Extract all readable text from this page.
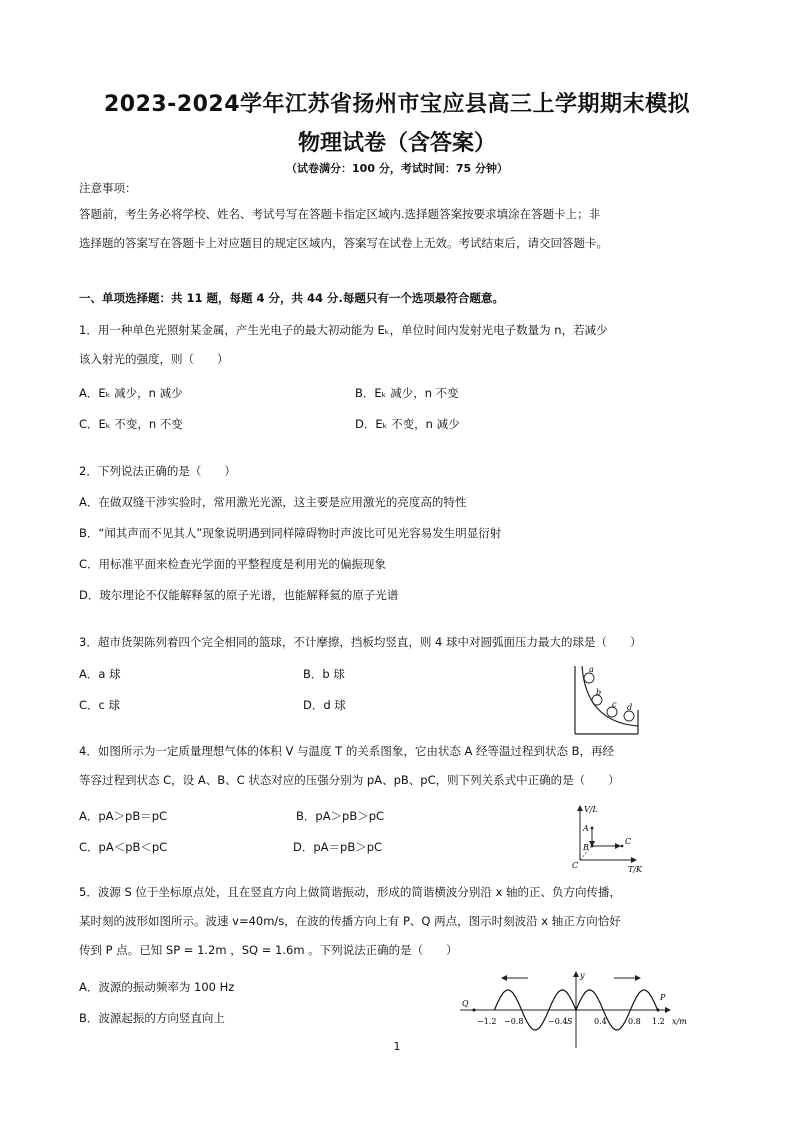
2023-2024学年江苏省扬州市宝应县高三上学期期末模拟
物理试卷（含答案）
（试卷满分：100 分，考试时间：75 分钟）
注意事项：
答题前，考生务必将学校、姓名、考试号写在答题卡指定区域内.选择题答案按要求填涂在答题卡上；非
选择题的答案写在答题卡上对应题目的规定区域内，答案写在试卷上无效。考试结束后，请交回答题卡。
一、单项选择题：共 11 题，每题 4 分，共 44 分.每题只有一个选项最符合题意。
1．用一种单色光照射某金属，产生光电子的最大初动能为 Eₖ，单位时间内发射光电子数量为 n，若减少
该入射光的强度，则（　　）
A．Eₖ 减少，n 减少	B．Eₖ 减少，n 不变
C．Eₖ 不变，n 不变	D．Eₖ 不变，n 减少
2．下列说法正确的是（　　）
A．在做双缝干涉实验时，常用激光光源，这主要是应用激光的亮度高的特性
B．“闻其声而不见其人”现象说明遇到同样障碍物时声波比可见光容易发生明显衍射
C．用标准平面来检查光学面的平整程度是利用光的偏振现象
D．玻尔理论不仅能解释氢的原子光谱，也能解释氦的原子光谱
3．超市货架陈列着四个完全相同的篮球，不计摩擦，挡板均竖直，则 4 球中对圆弧面压力最大的球是（　　）
A．a 球	B．b 球
C．c 球	D．d 球
a
b
c d
4．如图所示为一定质量理想气体的体积 V 与温度 T 的关系图象，它由状态 A 经等温过程到状态 B，再经
等容过程到状态 C，设 A、B、C 状态对应的压强分别为 pA、pB、pC，则下列关系式中正确的是（　　）
A．pA＞pB＝pC	B．pA＞pB＞pC
C．pA＜pB＜pC	D．pA＝pB＞pC
V/L
T/K
A
B
C
C
5．波源 S 位于坐标原点处，且在竖直方向上做简谐振动，形成的简谐横波分别沿 x 轴的正、负方向传播，
某时刻的波形如图所示。波速 v=40m/s，在波的传播方向上有 P、Q 两点，图示时刻波沿 x 轴正方向恰好
传到 P 点。已知 SP = 1.2m ，SQ = 1.6m 。下列说法正确的是（　　）
A．波源的振动频率为 100 Hz
B．波源起振的方向竖直向上	−1.2 −0.8	−0.4 S	0.4	0.8 1.2 x/m
y
Q
P
1
